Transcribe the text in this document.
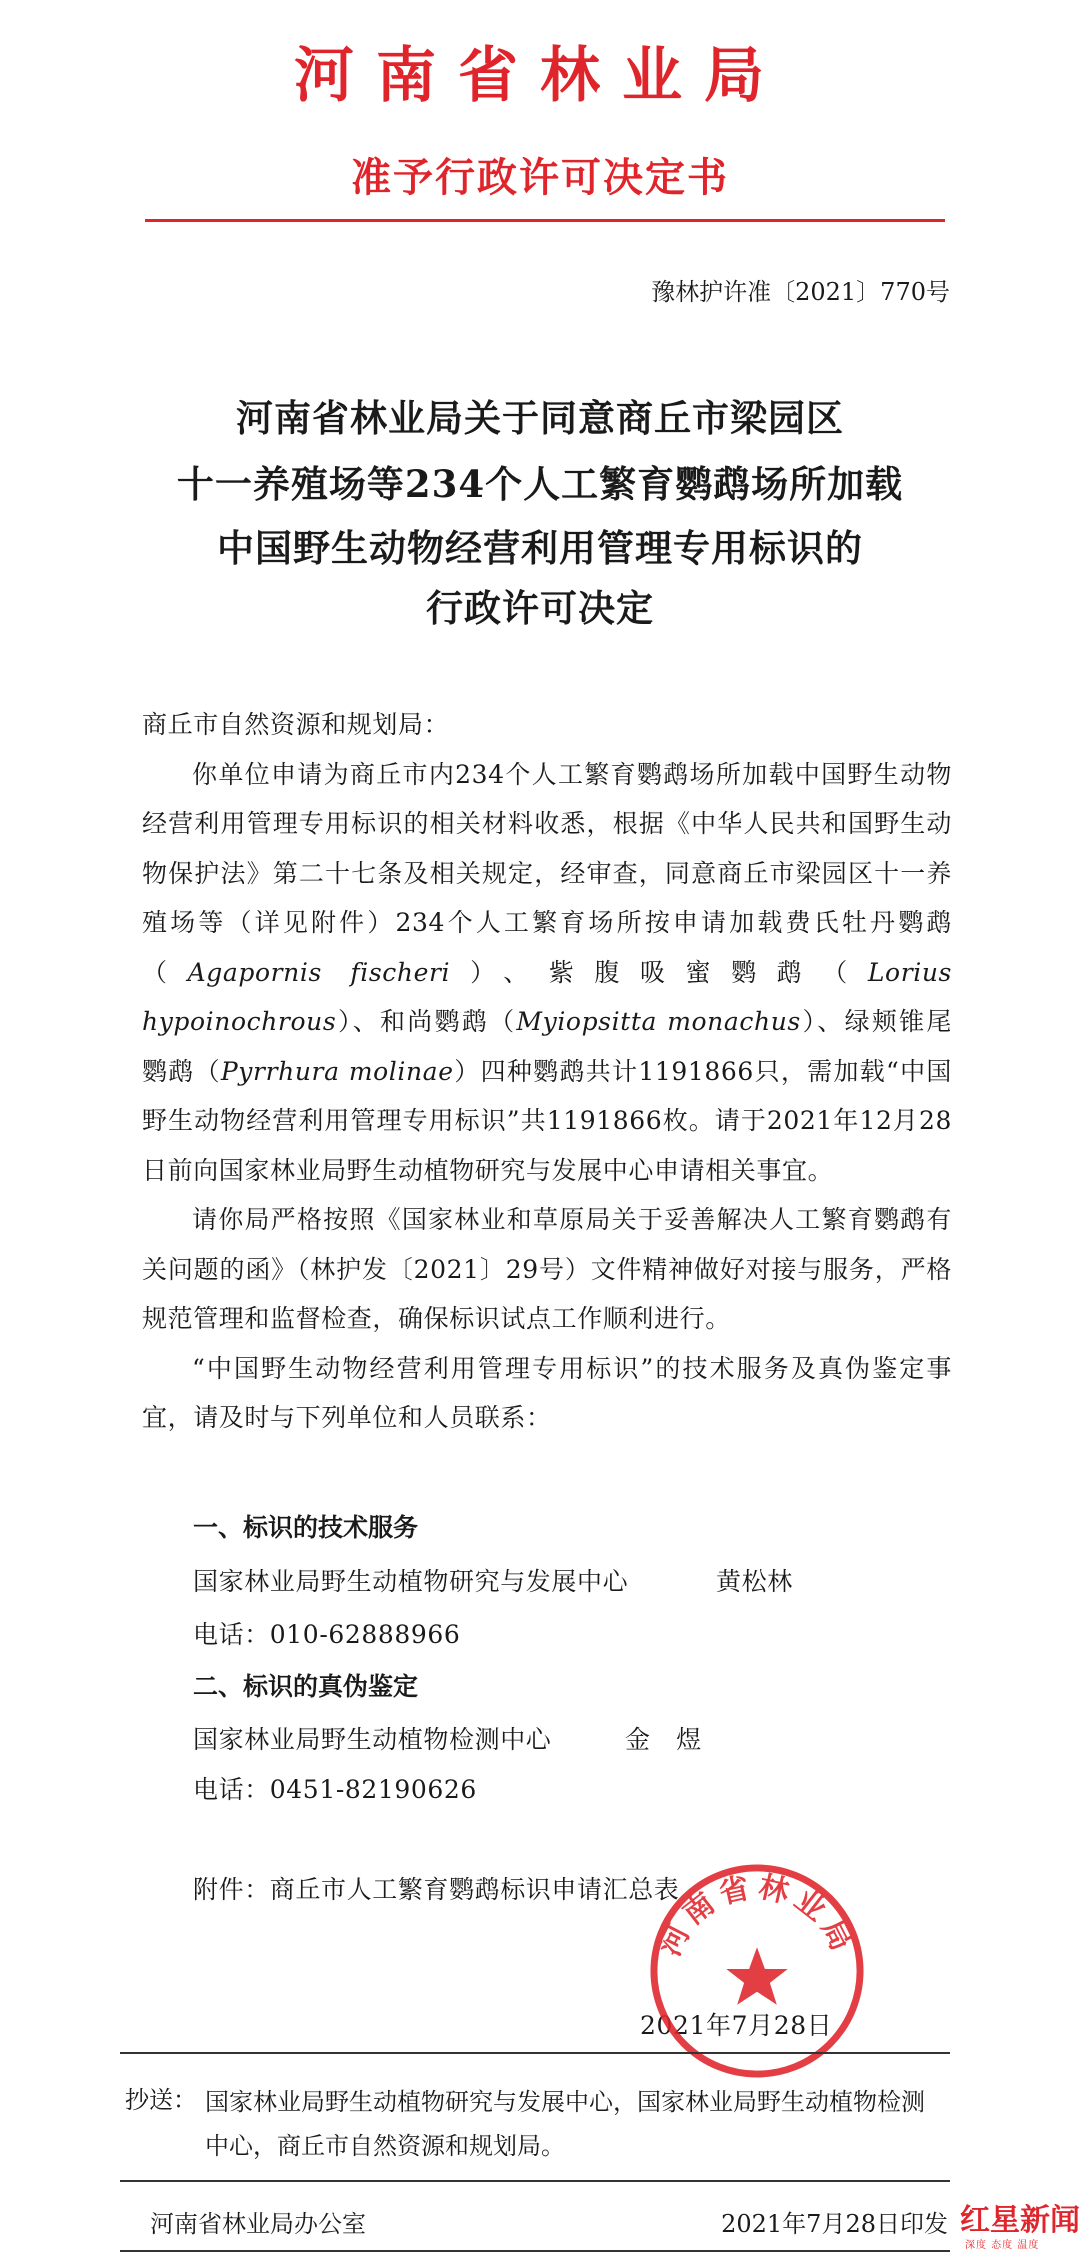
河南省林业局
准予行政许可决定书
豫林护许准〔2021〕770号
河南省林业局关于同意商丘市梁园区
十一养殖场等234个人工繁育鹦鹉场所加载
中国野生动物经营利用管理专用标识的
行政许可决定

商丘市自然资源和规划局：

你单位申请为商丘市内234个人工繁育鹦鹉场所加载中国野生动物经营利用管理专用标识的相关材料收悉，根据《中华人民共和国野生动物保护法》第二十七条及相关规定，经审查，同意商丘市梁园区十一养殖场等（详见附件）234个人工繁育场所按申请加载费氏牡丹鹦鹉（Agapornis fischeri）、紫腹吸蜜鹦鹉（Lorius hypoinochrous）、和尚鹦鹉（Myiopsitta monachus）、绿颊锥尾鹦鹉（Pyrrhura molinae）四种鹦鹉共计1191866只，需加载“中国野生动物经营利用管理专用标识”共1191866枚。请于2021年12月28日前向国家林业局野生动植物研究与发展中心申请相关事宜。

请你局严格按照《国家林业和草原局关于妥善解决人工繁育鹦鹉有关问题的函》（林护发〔2021〕29号）文件精神做好对接与服务，严格规范管理和监督检查，确保标识试点工作顺利进行。

“中国野生动物经营利用管理专用标识”的技术服务及真伪鉴定事宜，请及时与下列单位和人员联系：

一、标识的技术服务
国家林业局野生动植物研究与发展中心	黄松林
电话：010-62888966
二、标识的真伪鉴定
国家林业局野生动植物检测中心	金　煜
电话：0451-82190626
附件：商丘市人工繁育鹦鹉标识申请汇总表
2021年7月28日
河南省林业局
抄送： 国家林业局野生动植物研究与发展中心，国家林业局野生动植物检测中心，商丘市自然资源和规划局。
河南省林业局办公室	2021年7月28日印发 红星新闻
深度 态度 温度
